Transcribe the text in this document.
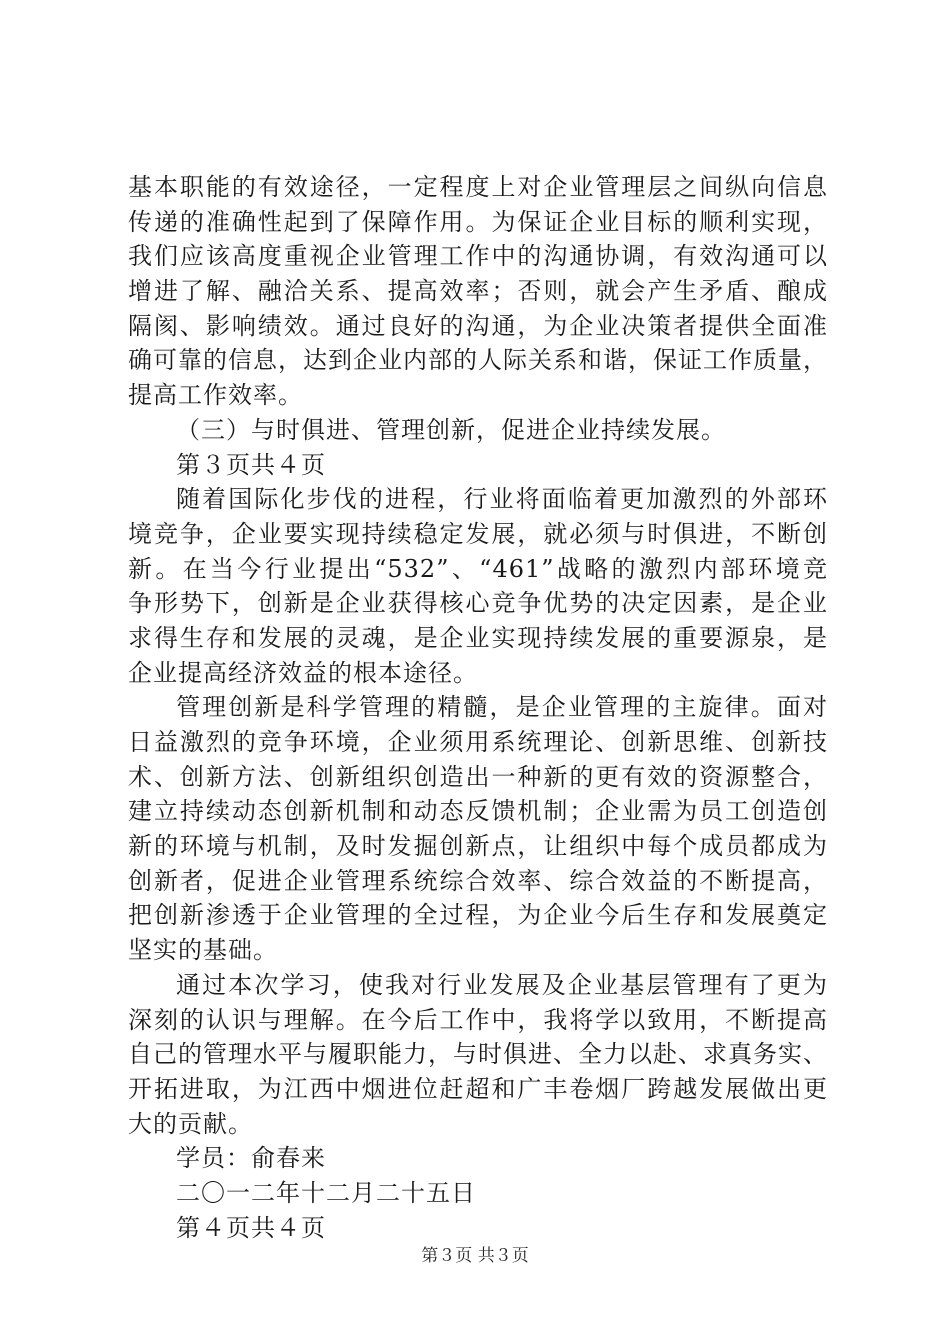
基本职能的有效途径，一定程度上对企业管理层之间纵向信息
传递的准确性起到了保障作用。为保证企业目标的顺利实现，
我们应该高度重视企业管理工作中的沟通协调，有效沟通可以
增进了解、融洽关系、提高效率；否则，就会产生矛盾、酿成
隔阂、影响绩效。通过良好的沟通，为企业决策者提供全面准
确可靠的信息，达到企业内部的人际关系和谐，保证工作质量，
提高工作效率。
（三）与时俱进、管理创新，促进企业持续发展。
第３页共４页
随着国际化步伐的进程，行业将面临着更加激烈的外部环
境竞争，企业要实现持续稳定发展，就必须与时俱进，不断创
新。在当今行业提出“532”、“461”战略的激烈内部环境竞
争形势下，创新是企业获得核心竞争优势的决定因素，是企业
求得生存和发展的灵魂，是企业实现持续发展的重要源泉，是
企业提高经济效益的根本途径。
管理创新是科学管理的精髓，是企业管理的主旋律。面对
日益激烈的竞争环境，企业须用系统理论、创新思维、创新技
术、创新方法、创新组织创造出一种新的更有效的资源整合，
建立持续动态创新机制和动态反馈机制；企业需为员工创造创
新的环境与机制，及时发掘创新点，让组织中每个成员都成为
创新者，促进企业管理系统综合效率、综合效益的不断提高，
把创新渗透于企业管理的全过程，为企业今后生存和发展奠定
坚实的基础。
通过本次学习，使我对行业发展及企业基层管理有了更为
深刻的认识与理解。在今后工作中，我将学以致用，不断提高
自己的管理水平与履职能力，与时俱进、全力以赴、求真务实、
开拓进取，为江西中烟进位赶超和广丰卷烟厂跨越发展做出更
大的贡献。
学员：俞春来
二〇一二年十二月二十五日
第４页共４页
第３页 共３页
